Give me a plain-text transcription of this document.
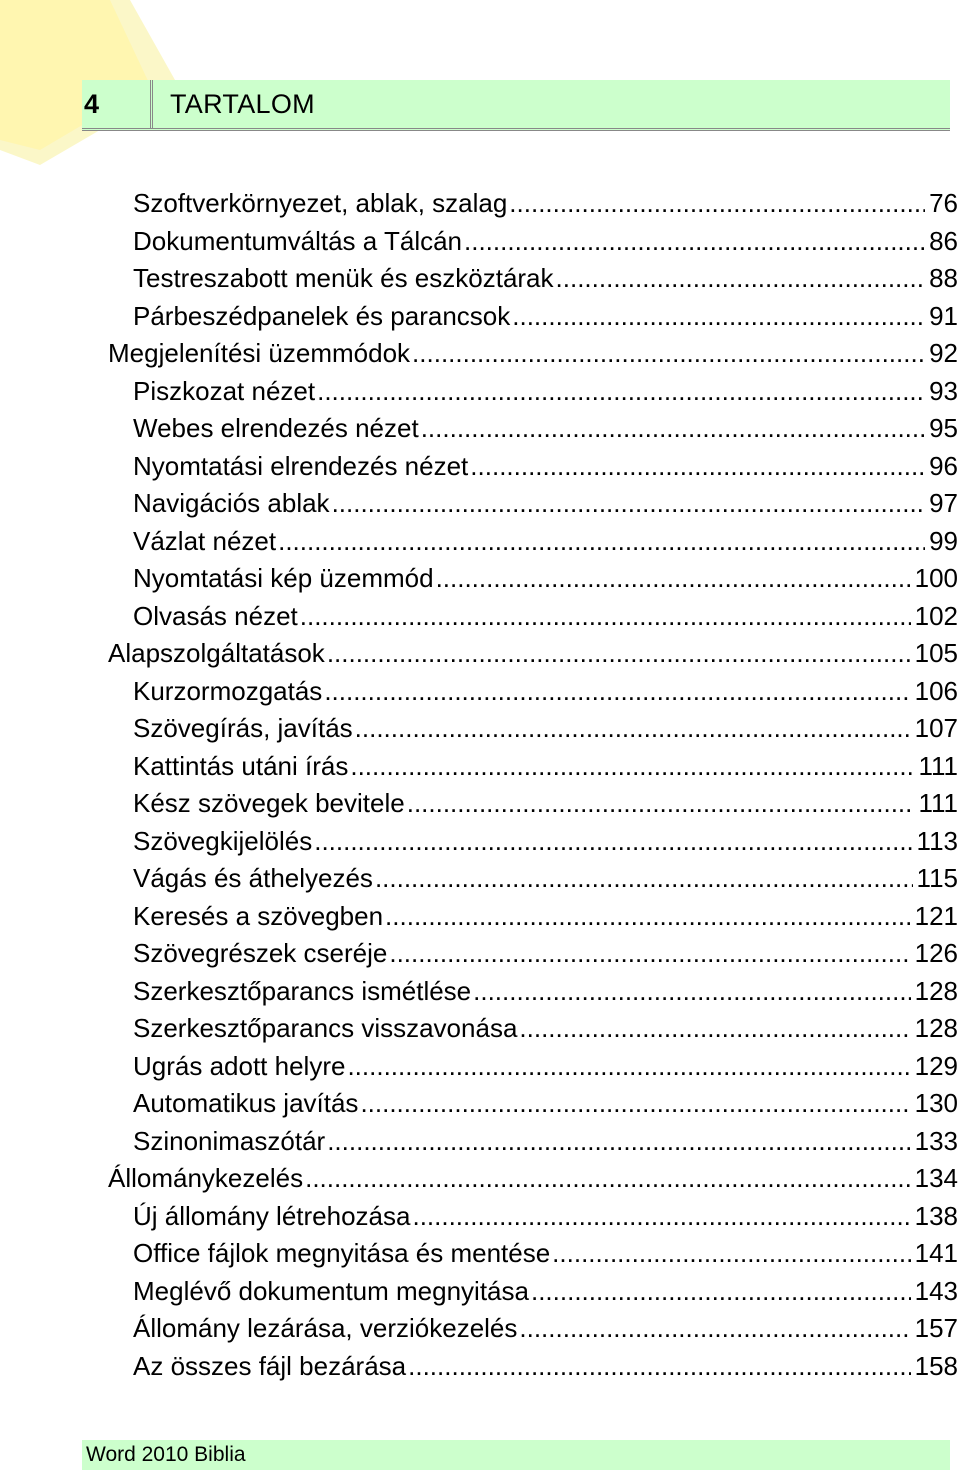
4	TARTALOM
Szoftverkörnyezet, ablak, szalag .....	76
Dokumentumváltás a Tálcán .....	86
Testreszabott menük és eszköztárak .....	88
Párbeszédpanelek és parancsok .....	91
Megjelenítési üzemmódok .....	92
Piszkozat nézet .....	93
Webes elrendezés nézet .....	95
Nyomtatási elrendezés nézet .....	96
Navigációs ablak .....	97
Vázlat nézet .....	99
Nyomtatási kép üzemmód .....	100
Olvasás nézet .....	102
Alapszolgáltatások .....	105
Kurzormozgatás .....	106
Szövegírás, javítás .....	107
Kattintás utáni írás .....	111
Kész szövegek bevitele .....	111
Szövegkijelölés .....	113
Vágás és áthelyezés .....	115
Keresés a szövegben .....	121
Szövegrészek cseréje .....	126
Szerkesztőparancs ismétlése .....	128
Szerkesztőparancs visszavonása .....	128
Ugrás adott helyre .....	129
Automatikus javítás .....	130
Szinonimaszótár .....	133
Állománykezelés .....	134
Új állomány létrehozása .....	138
Office fájlok megnyitása és mentése .....	141
Meglévő dokumentum megnyitása .....	143
Állomány lezárása, verziókezelés .....	157
Az összes fájl bezárása .....	158
Word 2010 Biblia
